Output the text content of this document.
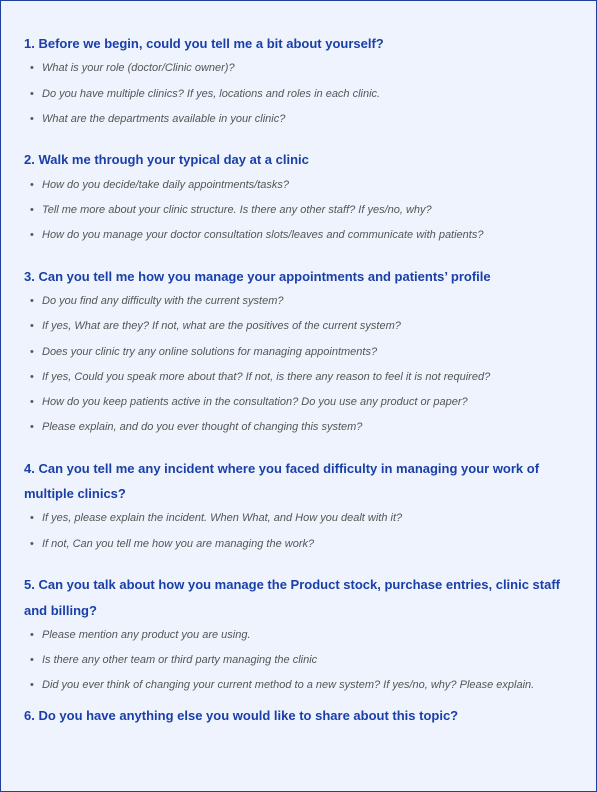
1. Before we begin, could you tell me a bit about yourself?
• What is your role (doctor/Clinic owner)?
• Do you have multiple clinics? If yes, locations and roles in each clinic.
• What are the departments available in your clinic?
2. Walk me through your typical day at a clinic
• How do you decide/take daily appointments/tasks?
• Tell me more about your clinic structure. Is there any other staff? If yes/no, why?
• How do you manage your doctor consultation slots/leaves and communicate with patients?
3. Can you tell me how you manage your appointments and patients’ profile
• Do you find any difficulty with the current system?
• If yes, What are they? If not, what are the positives of the current system?
• Does your clinic try any online solutions for managing appointments?
• If yes, Could you speak more about that? If not, is there any reason to feel it is not required?
• How do you keep patients active in the consultation? Do you use any product or paper?
• Please explain, and do you ever thought of changing this system?
4. Can you tell me any incident where you faced difficulty in managing your work of multiple clinics?
• If yes, please explain the incident. When What, and How you dealt with it?
• If not, Can you tell me how you are managing the work?
5. Can you talk about how you manage the Product stock, purchase entries, clinic staff and billing?
• Please mention any product you are using.
• Is there any other team or third party managing the clinic
• Did you ever think of changing your current method to a new system? If yes/no, why? Please explain.
6. Do you have anything else you would like to share about this topic?
